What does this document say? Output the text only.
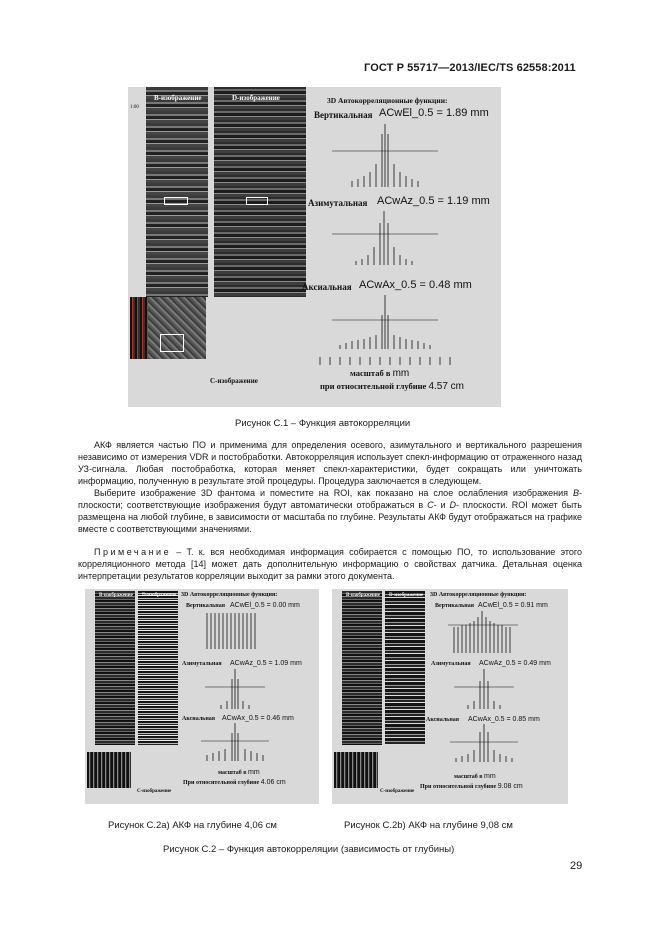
ГОСТ Р 55717—2013/IEC/TS 62558:2011
B-изображение	D-изображение
1:00
C-изображение
3D Автокорреляционные функции:
Вертикальная ACwEl_0.5 = 1.89 mm
Азимутальная ACwAz_0.5 = 1.19 mm
Аксиальная ACwAx_0.5 = 0.48 mm
масштаб в mm
при относительной глубине 4.57 cm
Рисунок С.1 – Функция автокорреляции
АКФ является частью ПО и применима для определения осевого, азимутального и вертикального разрешения независимо от измерения VDR и постобработки. Автокорреляция использует спекл-информацию от отраженного назад УЗ-сигнала. Любая постобработка, которая меняет спекл-характеристики, будет сокращать или уничтожать информацию, полученную в результате этой процедуры. Процедура заключается в следующем.
Выберите изображение 3D фантома и поместите на ROI, как показано на слое ослабления изображения B-плоскости; соответствующие изображения будут автоматически отображаться в C- и D- плоскости. ROI может быть размещена на любой глубине, в зависимости от масштаба по глубине. Результаты АКФ будут отображаться на графике вместе с соответствующими значениями.
Примечание – Т. к. вся необходимая информация собирается с помощью ПО, то использование этого корреляционного метода [14] может дать дополнительную информацию о свойствах датчика. Детальная оценка интерпретации результатов корреляции выходит за рамки этого документа.
B-изображение D-изображение
C-изображение
3D Автокорреляционные функции:
Вертикальная ACwEl_0.5 = 0.00 mm
Азимутальная ACwAz_0.5 = 1.09 mm
Аксиальная ACwAx_0.5 = 0.46 mm
масштаб в mm
При относительной глубине 4.06 cm
B-изображение D-изображение
C-изображение
3D Автокорреляционные функции:
Вертикальная ACwEl_0.5 = 0.91 mm
Азимутальная ACwAz_0.5 = 0.49 mm
Аксиальная ACwAx_0.5 = 0.85 mm
масштаб в mm
При относительной глубине 9.08 cm
Рисунок С.2а) АКФ на глубине 4,06 см	Рисунок С.2b) АКФ на глубине 9,08 см
Рисунок С.2 – Функция автокорреляции (зависимость от глубины)
29
